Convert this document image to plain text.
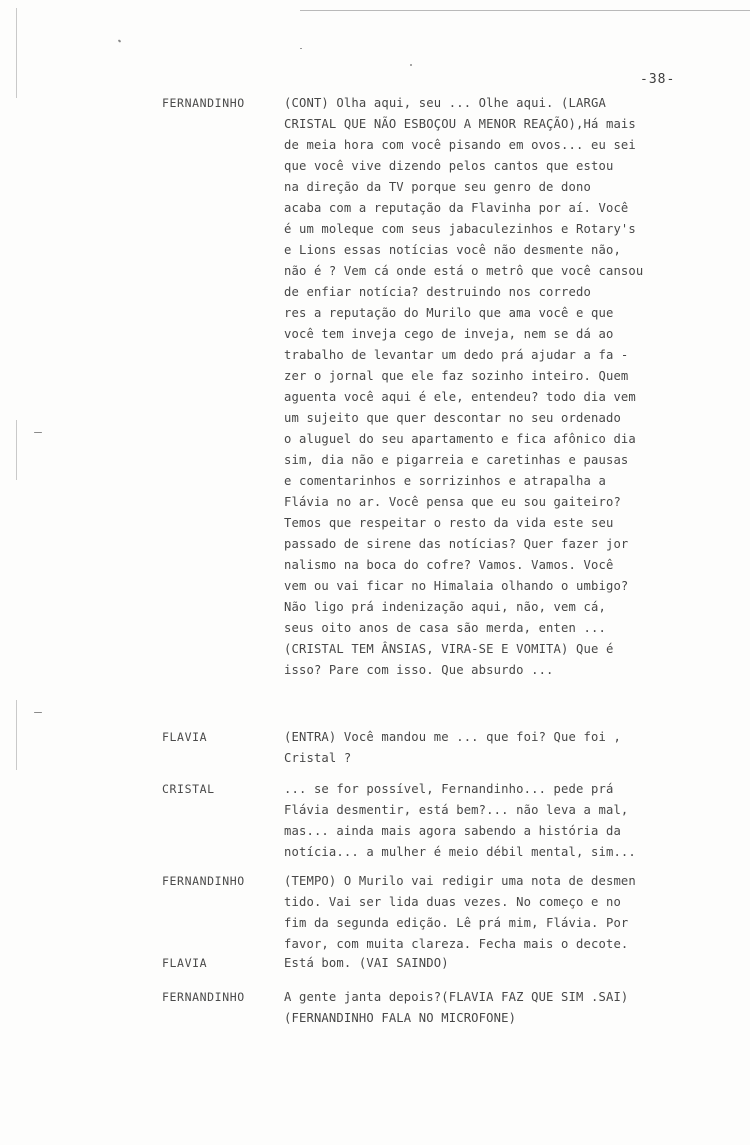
-38-
FERNANDINHO	(CONT) Olha aqui, seu ... Olhe aqui. (LARGA
CRISTAL QUE NÃO ESBOÇOU A MENOR REAÇÃO),Há mais
de meia hora com você pisando em ovos... eu sei
que você vive dizendo pelos cantos que estou
na direção da TV porque seu genro de dono
acaba com a reputação da Flavinha por aí. Você
é um moleque com seus jabaculezinhos e Rotary's
e Lions essas notícias você não desmente não,
não é ? Vem cá onde está o metrô que você cansou
de enfiar notícia? destruindo nos corredo
res a reputação do Murilo que ama você e que
você tem inveja cego de inveja, nem se dá ao
trabalho de levantar um dedo prá ajudar a fa -
zer o jornal que ele faz sozinho inteiro. Quem
aguenta você aqui é ele, entendeu? todo dia vem
um sujeito que quer descontar no seu ordenado
o aluguel do seu apartamento e fica afônico dia
sim, dia não e pigarreia e caretinhas e pausas
e comentarinhos e sorrizinhos e atrapalha a
Flávia no ar. Você pensa que eu sou gaiteiro?
Temos que respeitar o resto da vida este seu
passado de sirene das notícias? Quer fazer jor
nalismo na boca do cofre? Vamos. Vamos. Você
vem ou vai ficar no Himalaia olhando o umbigo?
Não ligo prá indenização aqui, não, vem cá,
seus oito anos de casa são merda, enten ...
(CRISTAL TEM ÂNSIAS, VIRA-SE E VOMITA) Que é
isso? Pare com isso. Que absurdo ...
FLAVIA	(ENTRA) Você mandou me ... que foi? Que foi ,
Cristal ?
CRISTAL	... se for possível, Fernandinho... pede prá
Flávia desmentir, está bem?... não leva a mal,
mas... ainda mais agora sabendo a história da
notícia... a mulher é meio débil mental, sim...
FERNANDINHO	(TEMPO) O Murilo vai redigir uma nota de desmen
tido. Vai ser lida duas vezes. No começo e no
fim da segunda edição. Lê prá mim, Flávia. Por
favor, com muita clareza. Fecha mais o decote.
FLAVIA	Está bom. (VAI SAINDO)
FERNANDINHO	A gente janta depois?(FLAVIA FAZ QUE SIM .SAI)
(FERNANDINHO FALA NO MICROFONE)
